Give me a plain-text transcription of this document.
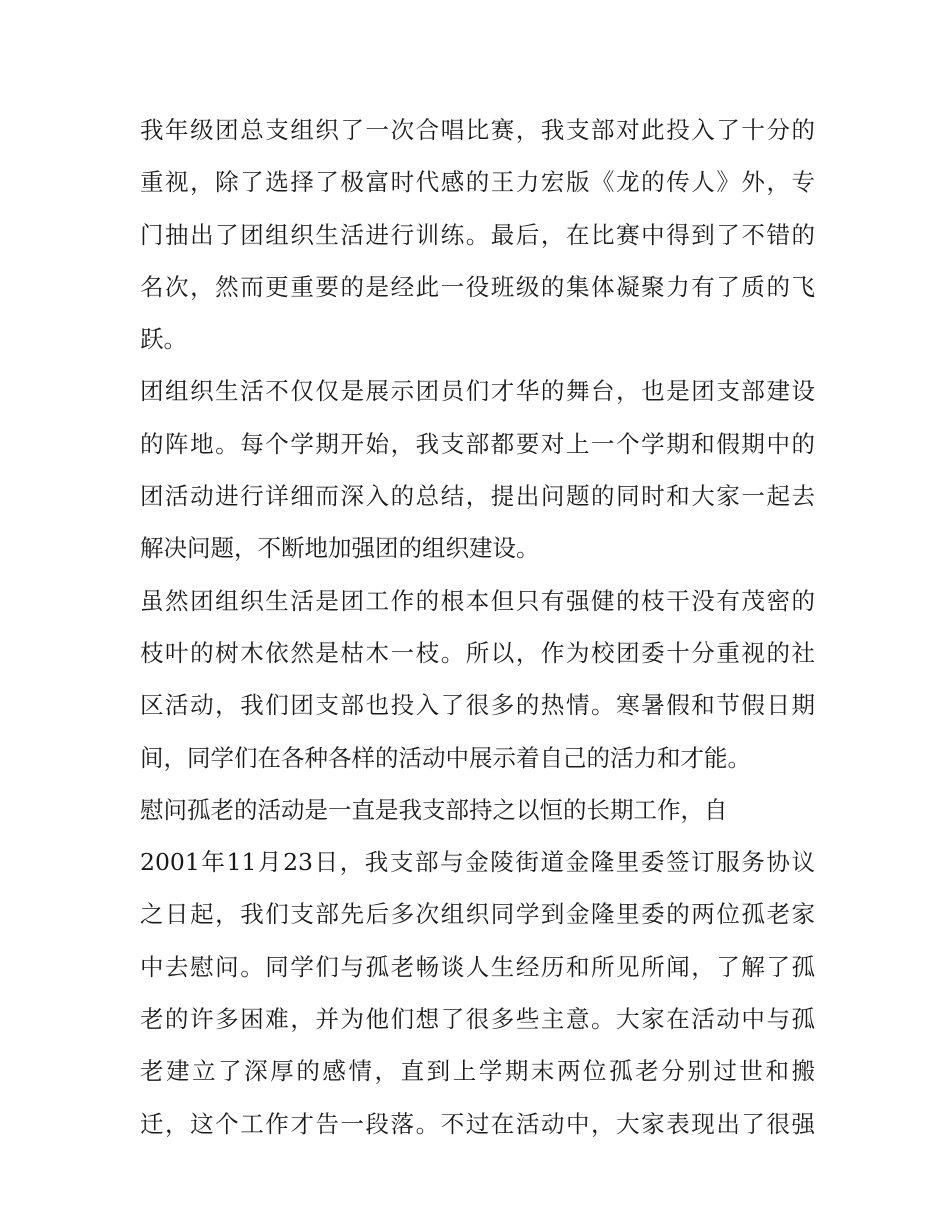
我年级团总支组织了一次合唱比赛，我支部对此投入了十分的
重视，除了选择了极富时代感的王力宏版《龙的传人》外，专
门抽出了团组织生活进行训练。最后，在比赛中得到了不错的
名次，然而更重要的是经此一役班级的集体凝聚力有了质的飞
跃。
团组织生活不仅仅是展示团员们才华的舞台，也是团支部建设
的阵地。每个学期开始，我支部都要对上一个学期和假期中的
团活动进行详细而深入的总结，提出问题的同时和大家一起去
解决问题，不断地加强团的组织建设。
虽然团组织生活是团工作的根本但只有强健的枝干没有茂密的
枝叶的树木依然是枯木一枝。所以，作为校团委十分重视的社
区活动，我们团支部也投入了很多的热情。寒暑假和节假日期
间，同学们在各种各样的活动中展示着自己的活力和才能。
慰问孤老的活动是一直是我支部持之以恒的长期工作，自
2001年11月23日，我支部与金陵街道金隆里委签订服务协议
之日起，我们支部先后多次组织同学到金隆里委的两位孤老家
中去慰问。同学们与孤老畅谈人生经历和所见所闻，了解了孤
老的许多困难，并为他们想了很多些主意。大家在活动中与孤
老建立了深厚的感情，直到上学期末两位孤老分别过世和搬
迁，这个工作才告一段落。不过在活动中，大家表现出了很强
